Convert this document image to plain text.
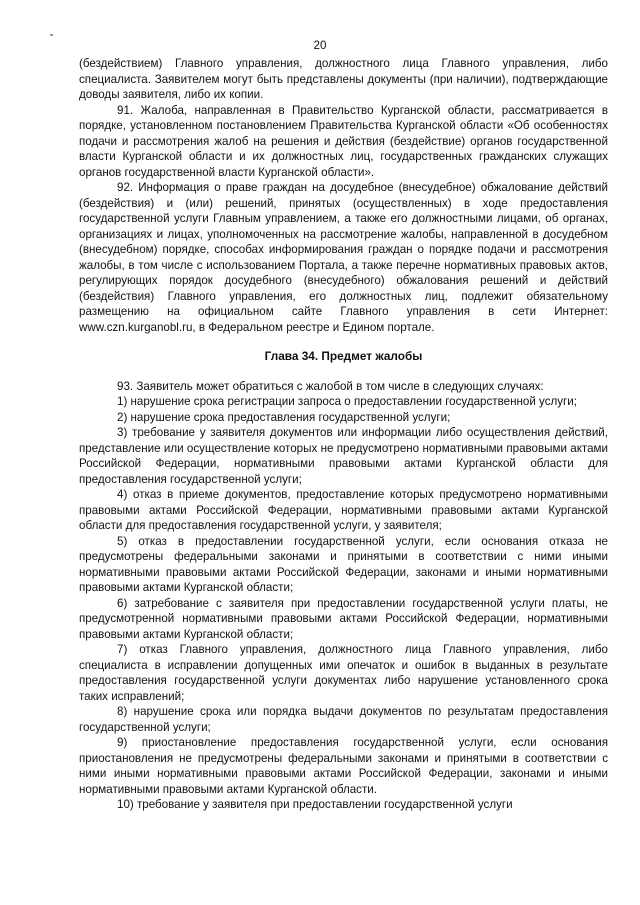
20

(бездействием) Главного управления, должностного лица Главного управления, либо специалиста. Заявителем могут быть представлены документы (при наличии), подтверждающие доводы заявителя, либо их копии.

91. Жалоба, направленная в Правительство Курганской области, рассматривается в порядке, установленном постановлением Правительства Курганской области «Об особенностях подачи и рассмотрения жалоб на решения и действия (бездействие) органов государственной власти Курганской области и их должностных лиц, государственных гражданских служащих органов государственной власти Курганской области».

92. Информация о праве граждан на досудебное (внесудебное) обжалование действий (бездействия) и (или) решений, принятых (осуществленных) в ходе предоставления государственной услуги Главным управлением, а также его должностными лицами, об органах, организациях и лицах, уполномоченных на рассмотрение жалобы, направленной в досудебном (внесудебном) порядке, способах информирования граждан о порядке подачи и рассмотрения жалобы, в том числе с использованием Портала, а также перечне нормативных правовых актов, регулирующих порядок досудебного (внесудебного) обжалования решений и действий (бездействия) Главного управления, его должностных лиц, подлежит обязательному размещению на официальном сайте Главного управления в сети Интернет: www.czn.kurganobl.ru, в Федеральном реестре и Едином портале.

Глава 34. Предмет жалобы

93. Заявитель может обратиться с жалобой в том числе в следующих случаях:

1) нарушение срока регистрации запроса о предоставлении государственной услуги;

2) нарушение срока предоставления государственной услуги;

3) требование у заявителя документов или информации либо осуществления действий, представление или осуществление которых не предусмотрено нормативными правовыми актами Российской Федерации, нормативными правовыми актами Курганской области для предоставления государственной услуги;

4) отказ в приеме документов, предоставление которых предусмотрено нормативными правовыми актами Российской Федерации, нормативными правовыми актами Курганской области для предоставления государственной услуги, у заявителя;

5) отказ в предоставлении государственной услуги, если основания отказа не предусмотрены федеральными законами и принятыми в соответствии с ними иными нормативными правовыми актами Российской Федерации, законами и иными нормативными правовыми актами Курганской области;

6) затребование с заявителя при предоставлении государственной услуги платы, не предусмотренной нормативными правовыми актами Российской Федерации, нормативными правовыми актами Курганской области;

7) отказ Главного управления, должностного лица Главного управления, либо специалиста в исправлении допущенных ими опечаток и ошибок в выданных в результате предоставления государственной услуги документах либо нарушение установленного срока таких исправлений;

8) нарушение срока или порядка выдачи документов по результатам предоставления государственной услуги;

9) приостановление предоставления государственной услуги, если основания приостановления не предусмотрены федеральными законами и принятыми в соответствии с ними иными нормативными правовыми актами Российской Федерации, законами и иными нормативными правовыми актами Курганской области.

10) требование у заявителя при предоставлении государственной услуги
